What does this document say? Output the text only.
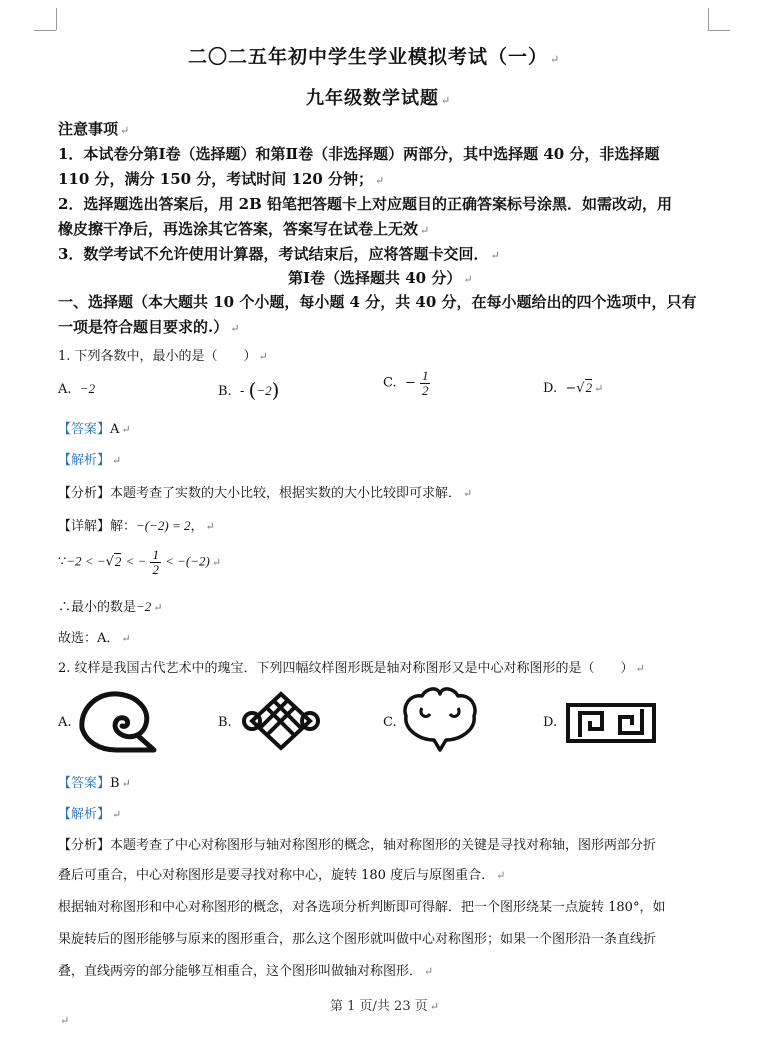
二〇二五年初中学生学业模拟考试（一） ↵
九年级数学试题 ↵
注意事项 ↵
1．本试卷分第Ⅰ卷（选择题）和第Ⅱ卷（非选择题）两部分，其中选择题 40 分，非选择题
110 分，满分 150 分，考试时间 120 分钟； ↵
2．选择题选出答案后，用 2B 铅笔把答题卡上对应题目的正确答案标号涂黑．如需改动，用
橡皮擦干净后，再选涂其它答案，答案写在试卷上无效 ↵
3．数学考试不允许使用计算器，考试结束后，应将答题卡交回． ↵
第Ⅰ卷（选择题共 40 分） ↵
一、选择题（本大题共 10 个小题，每小题 4 分，共 40 分，在每小题给出的四个选项中，只有
一项是符合题目要求的.） ↵
1. 下列各数中，最小的是（　　） ↵
A. −2	B. - (−2)	C. − $\frac{1}{2}$	D. −√2 ↵
【答案】A ↵
【解析】 ↵
【分析】本题考查了实数的大小比较，根据实数的大小比较即可求解． ↵
【详解】解：−(−2) = 2， ↵
∵−2 < −√2 < − $\frac{1}{2} < -(-2)$ ↵
∴最小的数是−2 ↵
故选：A． ↵
2. 纹样是我国古代艺术中的瑰宝．下列四幅纹样图形既是轴对称图形又是中心对称图形的是（　　） ↵
A.	B.	C.	D.
【答案】B ↵
【解析】 ↵
【分析】本题考查了中心对称图形与轴对称图形的概念，轴对称图形的关键是寻找对称轴，图形两部分折
叠后可重合，中心对称图形是要寻找对称中心，旋转 180 度后与原图重合． ↵
根据轴对称图形和中心对称图形的概念，对各选项分析判断即可得解．把一个图形绕某一点旋转 180°，如
果旋转后的图形能够与原来的图形重合，那么这个图形就叫做中心对称图形；如果一个图形沿一条直线折
叠，直线两旁的部分能够互相重合，这个图形叫做轴对称图形． ↵
第 1 页/共 23 页 ↵
↵
